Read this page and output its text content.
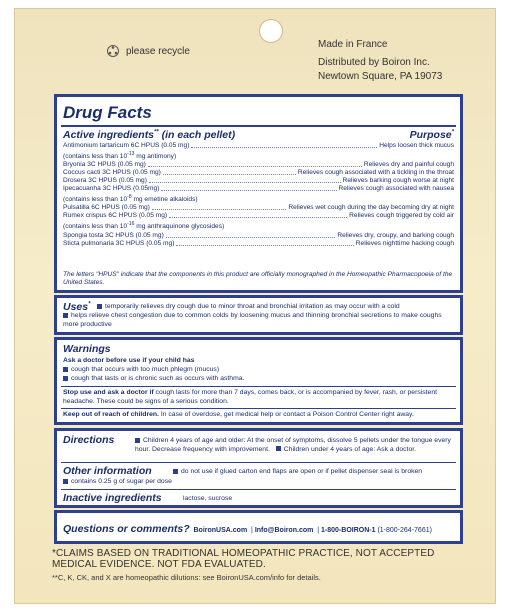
please recycle
Made in France
Distributed by Boiron Inc.
Newtown Square, PA 19073
Drug Facts
Active ingredients** (in each pellet)	Purpose*
Antimonium tartaricum 6C HPUS (0.05 mg)	Helps loosen thick mucus
(contains less than $10^{-13}$ mg antimony)
Bryonia 3C HPUS (0.05 mg)	Relieves dry and painful cough
Coccus cacti 3C HPUS (0.05 mg)	Relieves cough associated with a tickling in the throat
Drosera 3C HPUS (0.05 mg)	Relieves barking cough worse at night
Ipecacuanha 3C HPUS (0.05mg)	Relieves cough associated with nausea
(contains less than $10^{-8}$ mg emetine alkaloids)
Pulsatilla 6C HPUS (0.05 mg)	Relieves wet cough during the day becoming dry at night
Rumex crispus 6C HPUS (0.05 mg)	Relieves cough triggered by cold air
(contains less than $10^{-16}$ mg anthraquinone glycosides)
Spongia tosta 3C HPUS (0.05 mg)	Relieves dry, croupy, and barking cough
Sticta pulmonaria 3C HPUS (0.05 mg)	Relieves nighttime hacking cough
The letters "HPUS" indicate that the components in this product are officially monographed in the Homeopathic Pharmacopoeia of the United States.
Uses*	temporarily relieves dry cough due to minor throat and bronchial irritation as may occur with a cold
helps relieve chest congestion due to common colds by loosening mucus and thinning bronchial secretions to make coughs more productive
Warnings
Ask a doctor before use if your child has
cough that occurs with too much phlegm (mucus)
cough that lasts or is chronic such as occurs with asthma.
Stop use and ask a doctor if cough lasts for more than 7 days, comes back, or is accompanied by fever, rash, or persistent headache. These could be signs of a serious condition.
Keep out of reach of children. In case of overdose, get medical help or contact a Poison Control Center right away.
Directions	Children 4 years of age and older: At the onset of symptoms, dissolve 5 pellets under the tongue every hour. Decrease frequency with improvement. Children under 4 years of age: Ask a doctor.
Other information	do not use if glued carton end flaps are open or if pellet dispenser seal is broken
contains 0.25 g of sugar per dose
Inactive ingredients	lactose, sucrose
Questions or comments? BoironUSA.com  | Info@Boiron.com  | 1-800-BOIRON-1 (1-800-264-7661)
*CLAIMS BASED ON TRADITIONAL HOMEOPATHIC PRACTICE, NOT ACCEPTED
MEDICAL EVIDENCE. NOT FDA EVALUATED.
**C, K, CK, and X are homeopathic dilutions: see BoironUSA.com/info for details.
